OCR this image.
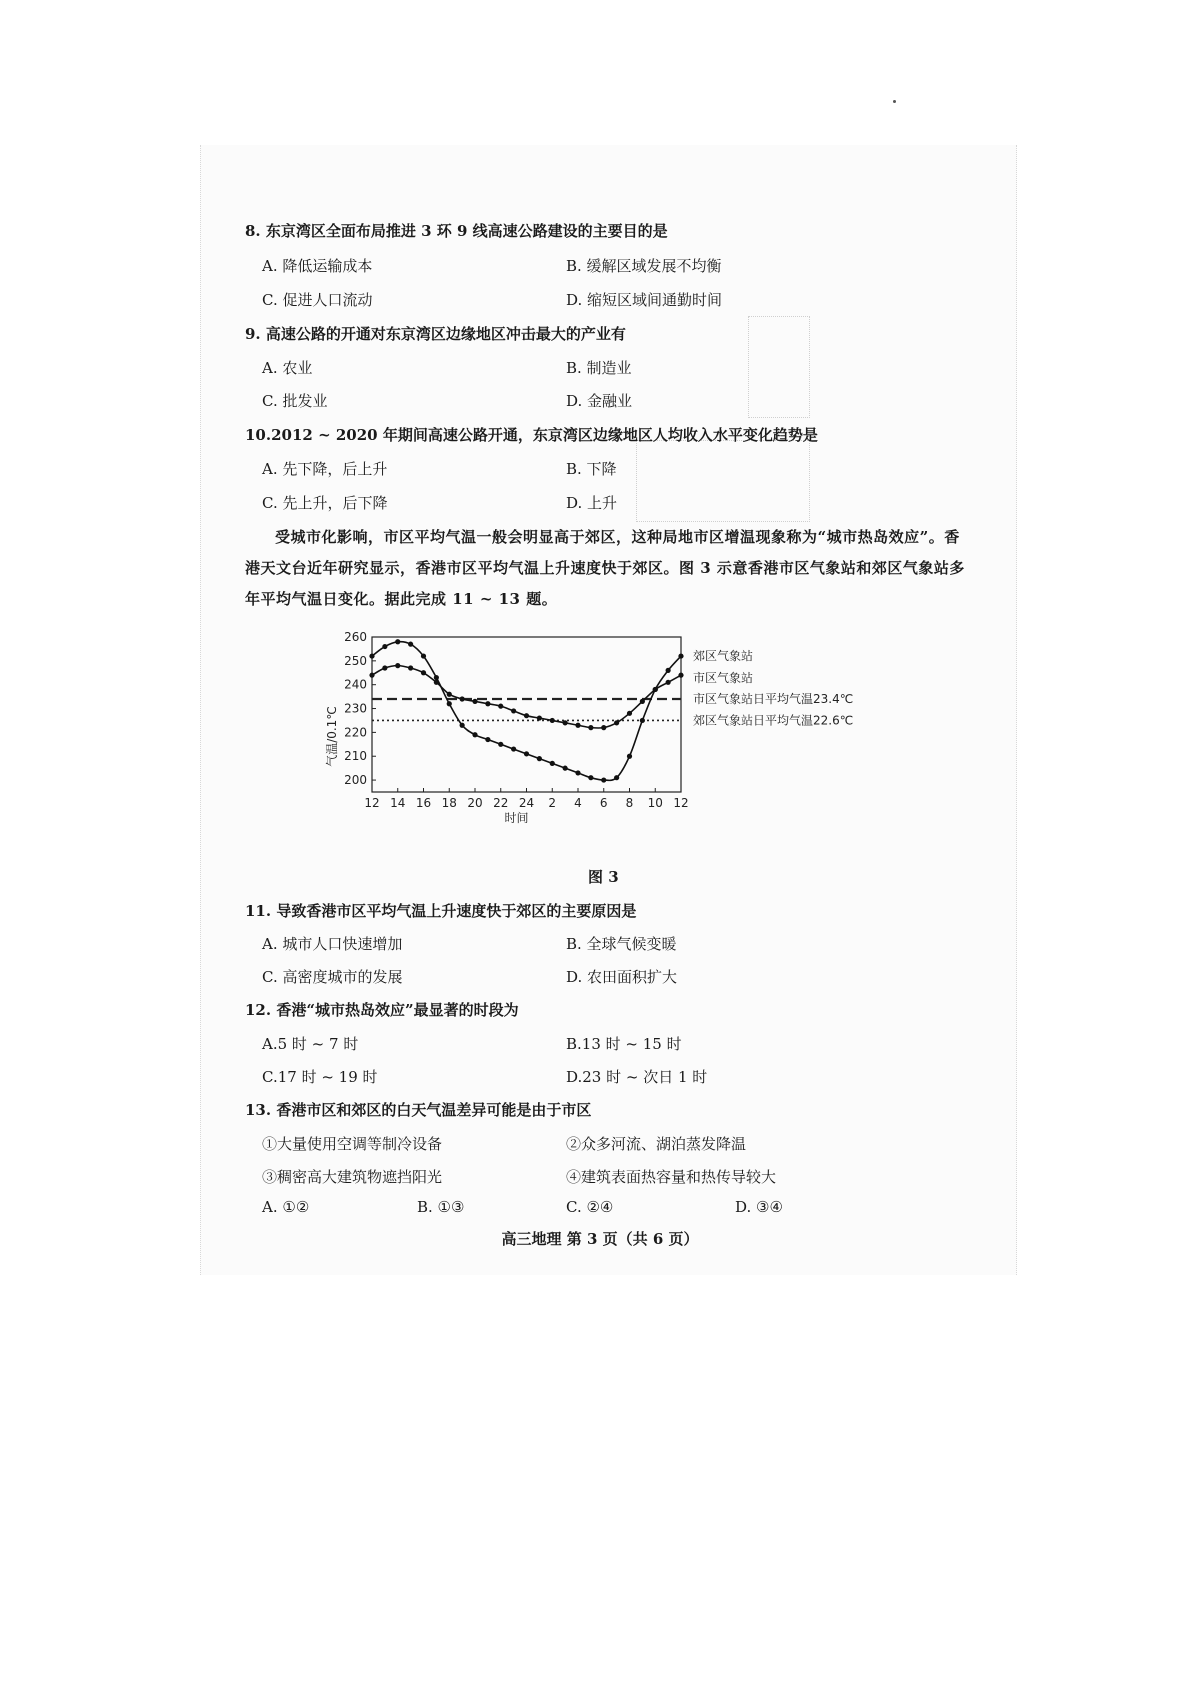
8. 东京湾区全面布局推进 3 环 9 线高速公路建设的主要目的是
A. 降低运输成本	B. 缓解区域发展不均衡
C. 促进人口流动	D. 缩短区域间通勤时间
9. 高速公路的开通对东京湾区边缘地区冲击最大的产业有
A. 农业	B. 制造业
C. 批发业	D. 金融业
10.2012 ~ 2020 年期间高速公路开通，东京湾区边缘地区人均收入水平变化趋势是
A. 先下降，后上升	B. 下降
C. 先上升，后下降	D. 上升
受城市化影响，市区平均气温一般会明显高于郊区，这种局地市区增温现象称为“城市热岛效应”。香港天文台近年研究显示，香港市区平均气温上升速度快于郊区。图 3 示意香港市区气象站和郊区气象站多年平均气温日变化。据此完成 11 ~ 13 题。
200
210
220
230
240
250
260
12 14 16 18 20 22 24 2 4 6 8 10 12
时间
气温/0.1℃
市区气象站日平均气温23.4℃
郊区气象站日平均气温22.6℃
郊区气象站
市区气象站
图 3
11. 导致香港市区平均气温上升速度快于郊区的主要原因是
A. 城市人口快速增加	B. 全球气候变暖
C. 高密度城市的发展	D. 农田面积扩大
12. 香港“城市热岛效应”最显著的时段为
A.5 时 ~ 7 时	B.13 时 ~ 15 时
C.17 时 ~ 19 时	D.23 时 ~ 次日 1 时
13. 香港市区和郊区的白天气温差异可能是由于市区
①大量使用空调等制冷设备	②众多河流、湖泊蒸发降温
③稠密高大建筑物遮挡阳光	④建筑表面热容量和热传导较大
A. ①②	B. ①③	C. ②④	D. ③④
高三地理 第 3 页（共 6 页）
